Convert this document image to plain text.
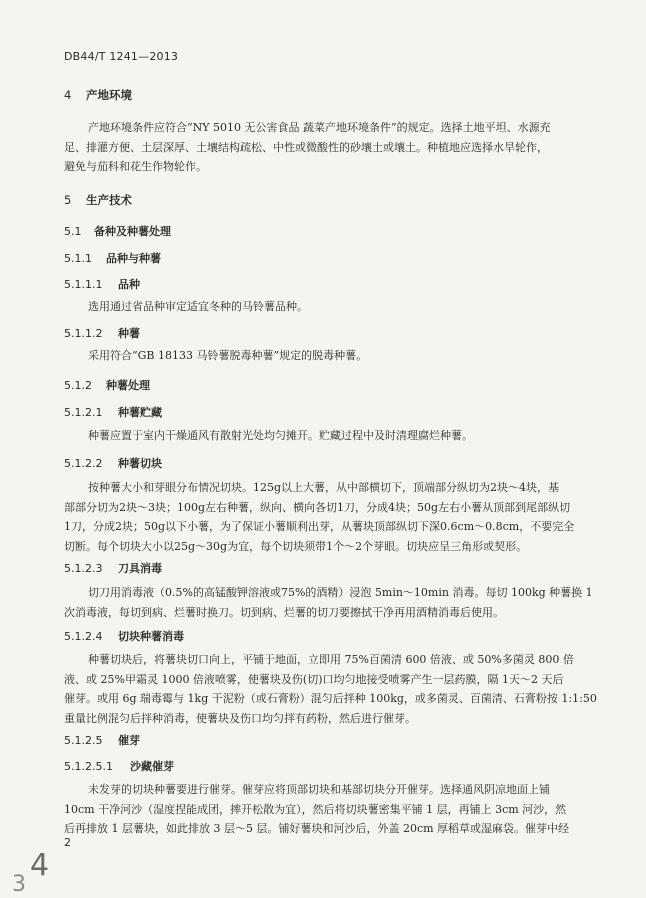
DB44/T 1241—2013
4 产地环境
产地环境条件应符合“NY 5010 无公害食品 蔬菜产地环境条件”的规定。选择土地平坦、水源充
足、排灌方便、土层深厚、土壤结构疏松、中性或微酸性的砂壤土或壤土。种植地应选择水旱轮作，
避免与茄科和花生作物轮作。
5 生产技术
5.1 备种及种薯处理
5.1.1 品种与种薯
5.1.1.1 品种
选用通过省品种审定适宜冬种的马铃薯品种。
5.1.1.2 种薯
采用符合“GB 18133 马铃薯脱毒种薯”规定的脱毒种薯。
5.1.2 种薯处理
5.1.2.1 种薯贮藏
种薯应置于室内干燥通风有散射光处均匀摊开。贮藏过程中及时清理腐烂种薯。
5.1.2.2 种薯切块
按种薯大小和芽眼分布情况切块。125g以上大薯，从中部横切下，顶端部分纵切为2块～4块，基
部部分切为2块～3块；100g左右种薯，纵向、横向各切1刀，分成4块；50g左右小薯从顶部到尾部纵切
1刀，分成2块；50g以下小薯，为了保证小薯顺利出芽，从薯块顶部纵切下深0.6cm～0.8cm，不要完全
切断。每个切块大小以25g～30g为宜，每个切块须带1个～2个芽眼。切块应呈三角形或契形。
5.1.2.3 刀具消毒
切刀用消毒液（0.5%的高锰酸钾溶液或75%的酒精）浸泡 5min～10min 消毒。每切 100kg 种薯换 1
次消毒液，每切到病、烂薯时换刀。切到病、烂薯的切刀要擦拭干净再用酒精消毒后使用。
5.1.2.4 切块种薯消毒
种薯切块后，将薯块切口向上，平铺于地面，立即用 75%百菌清 600 倍液、或 50%多菌灵 800 倍
液、或 25%甲霜灵 1000 倍液喷雾，使薯块及伤(切)口均匀地接受喷雾产生一层药膜，隔 1天～2 天后
催芽。或用 6g 瑞毒霉与 1kg 干泥粉（或石膏粉）混匀后拌种 100kg，或多菌灵、百菌清、石膏粉按 1:1:50
重量比例混匀后拌种消毒，使薯块及伤口均匀拌有药粉，然后进行催芽。
5.1.2.5 催芽
5.1.2.5.1 沙藏催芽
未发芽的切块种薯要进行催芽。催芽应将顶部切块和基部切块分开催芽。选择通风阴凉地面上铺
10cm 干净河沙（湿度捏能成团，摔开松散为宜），然后将切块薯密集平铺 1 层，再铺上 3cm 河沙，然
后再排放 1 层薯块，如此排放 3 层～5 层。铺好薯块和河沙后，外盖 20cm 厚稻草或湿麻袋。催芽中经
2
4
3
